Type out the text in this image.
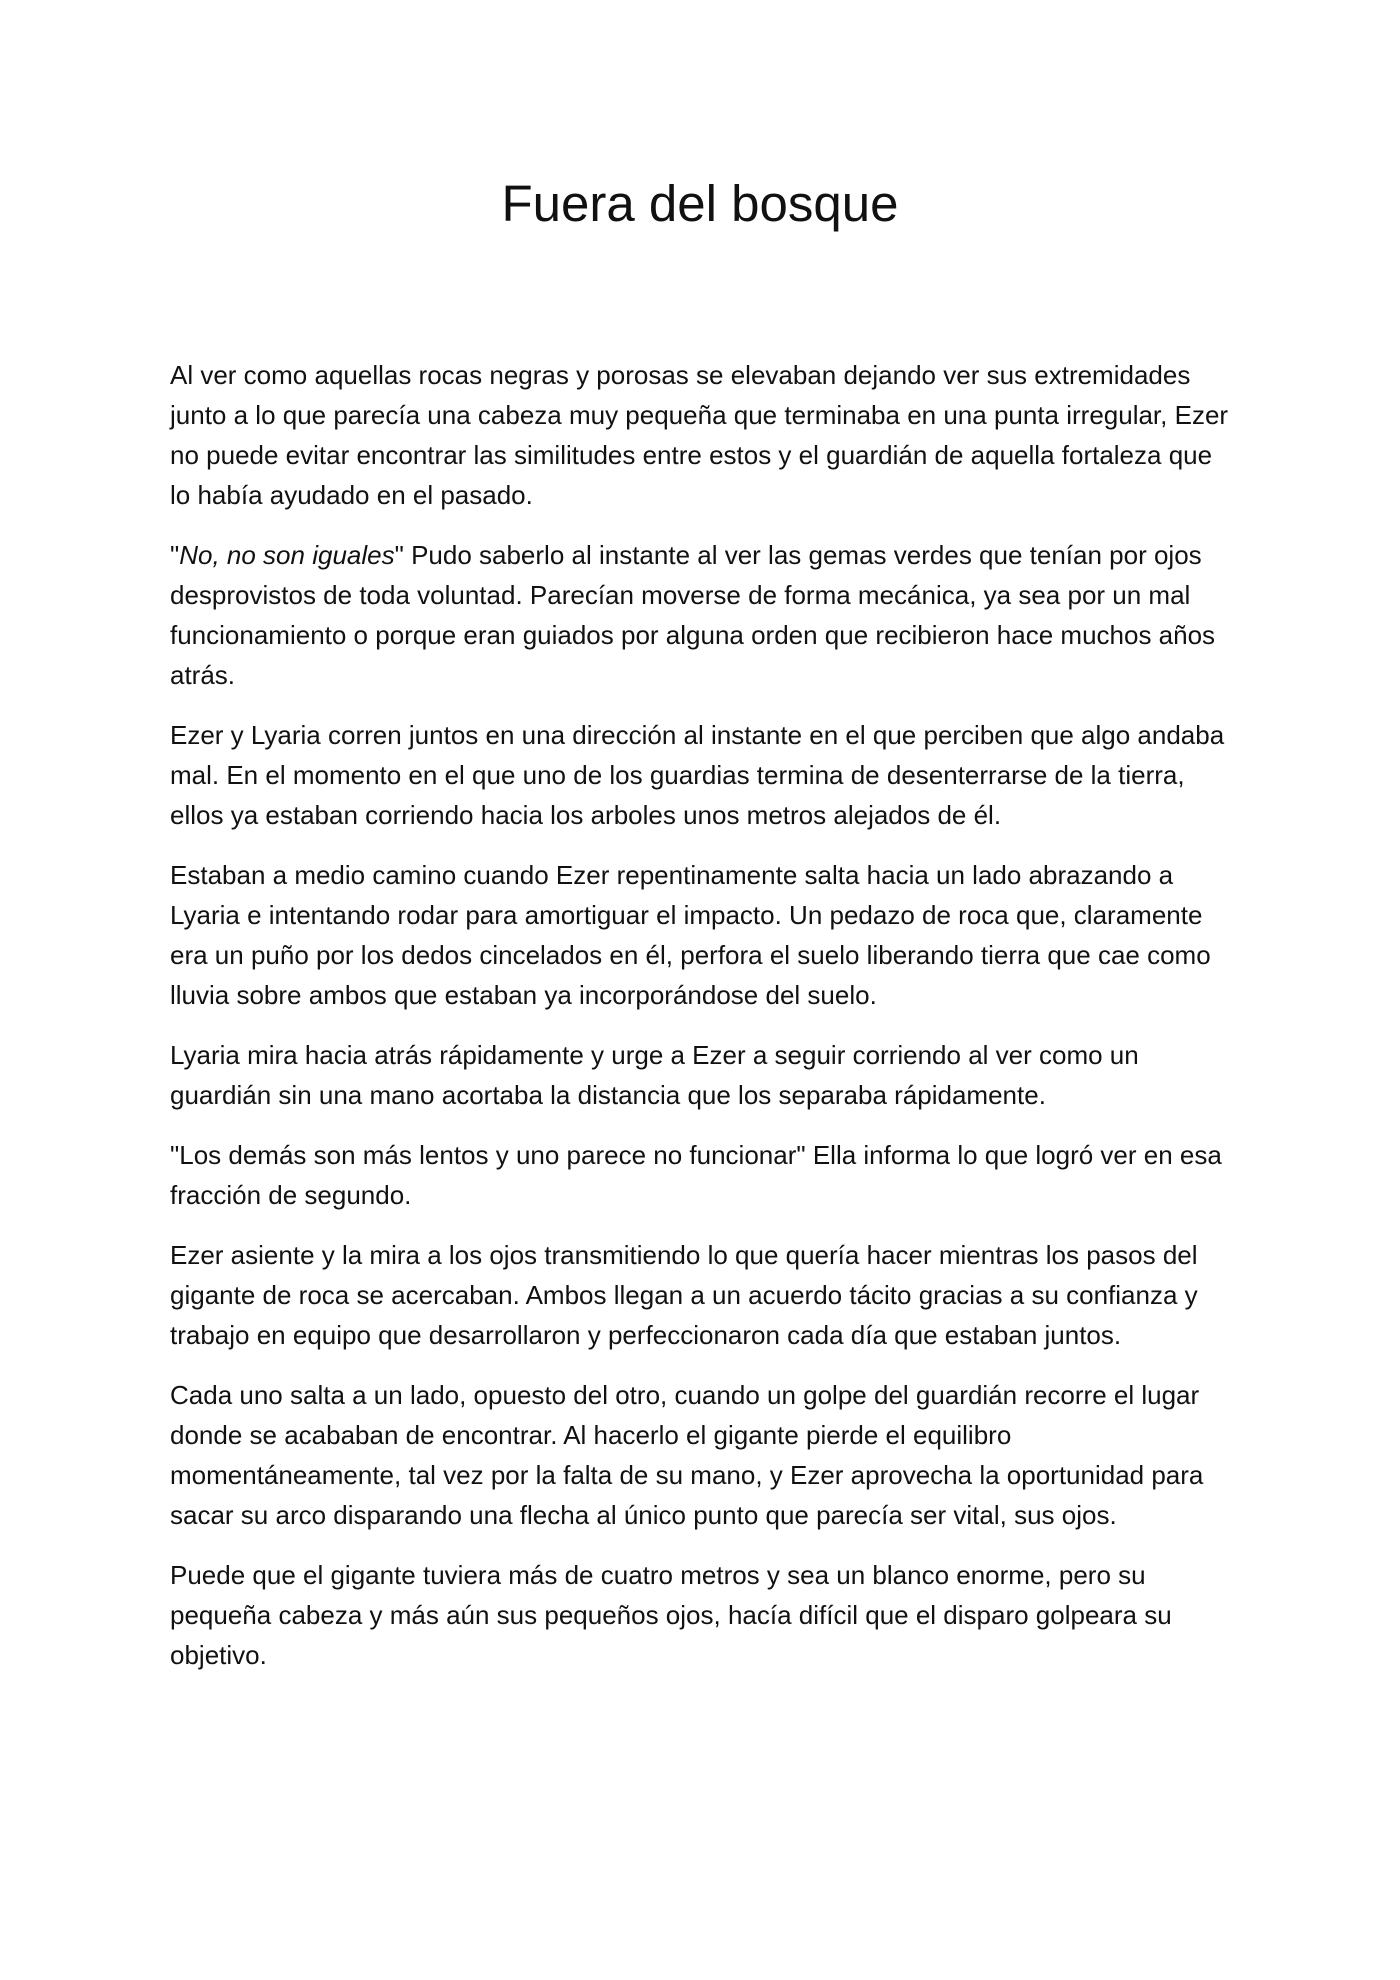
Fuera del bosque

Al ver como aquellas rocas negras y porosas se elevaban dejando ver sus extremidades junto a lo que parecía una cabeza muy pequeña que terminaba en una punta irregular, Ezer no puede evitar encontrar las similitudes entre estos y el guardián de aquella fortaleza que lo había ayudado en el pasado.

"No, no son iguales" Pudo saberlo al instante al ver las gemas verdes que tenían por ojos desprovistos de toda voluntad. Parecían moverse de forma mecánica, ya sea por un mal funcionamiento o porque eran guiados por alguna orden que recibieron hace muchos años atrás.

Ezer y Lyaria corren juntos en una dirección al instante en el que perciben que algo andaba mal. En el momento en el que uno de los guardias termina de desenterrarse de la tierra, ellos ya estaban corriendo hacia los arboles unos metros alejados de él.

Estaban a medio camino cuando Ezer repentinamente salta hacia un lado abrazando a Lyaria e intentando rodar para amortiguar el impacto. Un pedazo de roca que, claramente era un puño por los dedos cincelados en él, perfora el suelo liberando tierra que cae como lluvia sobre ambos que estaban ya incorporándose del suelo.

Lyaria mira hacia atrás rápidamente y urge a Ezer a seguir corriendo al ver como un guardián sin una mano acortaba la distancia que los separaba rápidamente.

"Los demás son más lentos y uno parece no funcionar" Ella informa lo que logró ver en esa fracción de segundo.

Ezer asiente y la mira a los ojos transmitiendo lo que quería hacer mientras los pasos del gigante de roca se acercaban. Ambos llegan a un acuerdo tácito gracias a su confianza y trabajo en equipo que desarrollaron y perfeccionaron cada día que estaban juntos.

Cada uno salta a un lado, opuesto del otro, cuando un golpe del guardián recorre el lugar donde se acababan de encontrar. Al hacerlo el gigante pierde el equilibro momentáneamente, tal vez por la falta de su mano, y Ezer aprovecha la oportunidad para sacar su arco disparando una flecha al único punto que parecía ser vital, sus ojos.

Puede que el gigante tuviera más de cuatro metros y sea un blanco enorme, pero su pequeña cabeza y más aún sus pequeños ojos, hacía difícil que el disparo golpeara su objetivo.
